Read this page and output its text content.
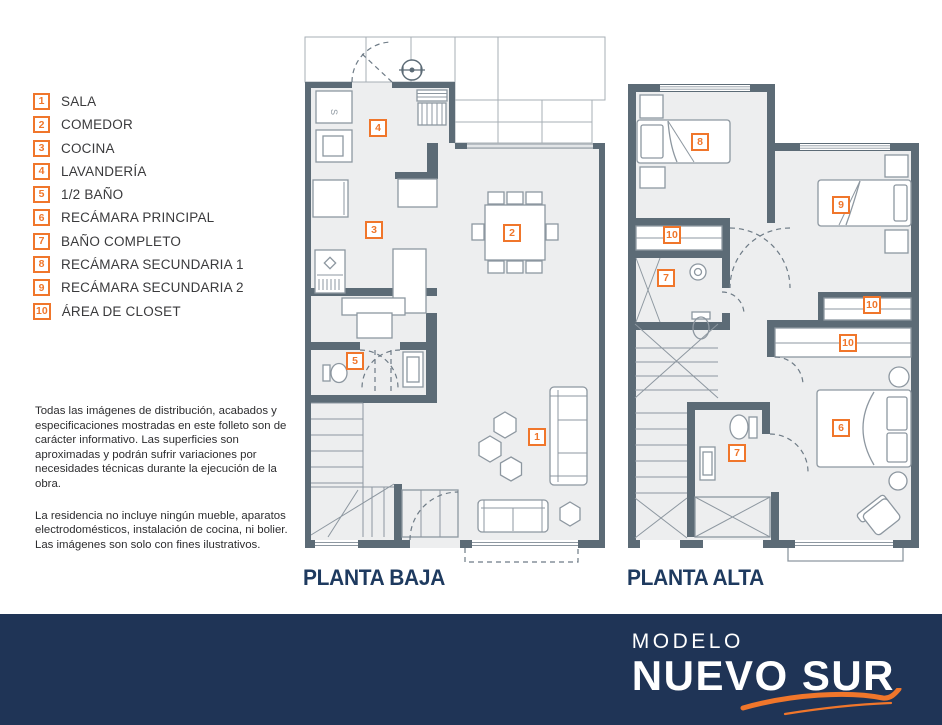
1	SALA
2	COMEDOR
3	COCINA
4	LAVANDERÍA
5	1/2 BAÑO
6	RECÁMARA PRINCIPAL
7	BAÑO COMPLETO
8	RECÁMARA SECUNDARIA 1
9	RECÁMARA SECUNDARIA 2
10 ÁREA DE CLOSET

Todas las imágenes de distribución, acabados y especificaciones mostradas en este folleto son de carácter informativo. Las superficies son aproximadas y podrán sufrir variaciones por necesidades técnicas durante la ejecución de la obra.

La residencia no incluye ningún mueble, aparatos electrodomésticos, instalación de cocina, ni bolier. Las imágenes son solo con fines ilustrativos.

S
4
3	2
5
1
8
9
10
7
10
10
6
7
PLANTA BAJA	PLANTA ALTA
MODELO
NUEVO SUR
